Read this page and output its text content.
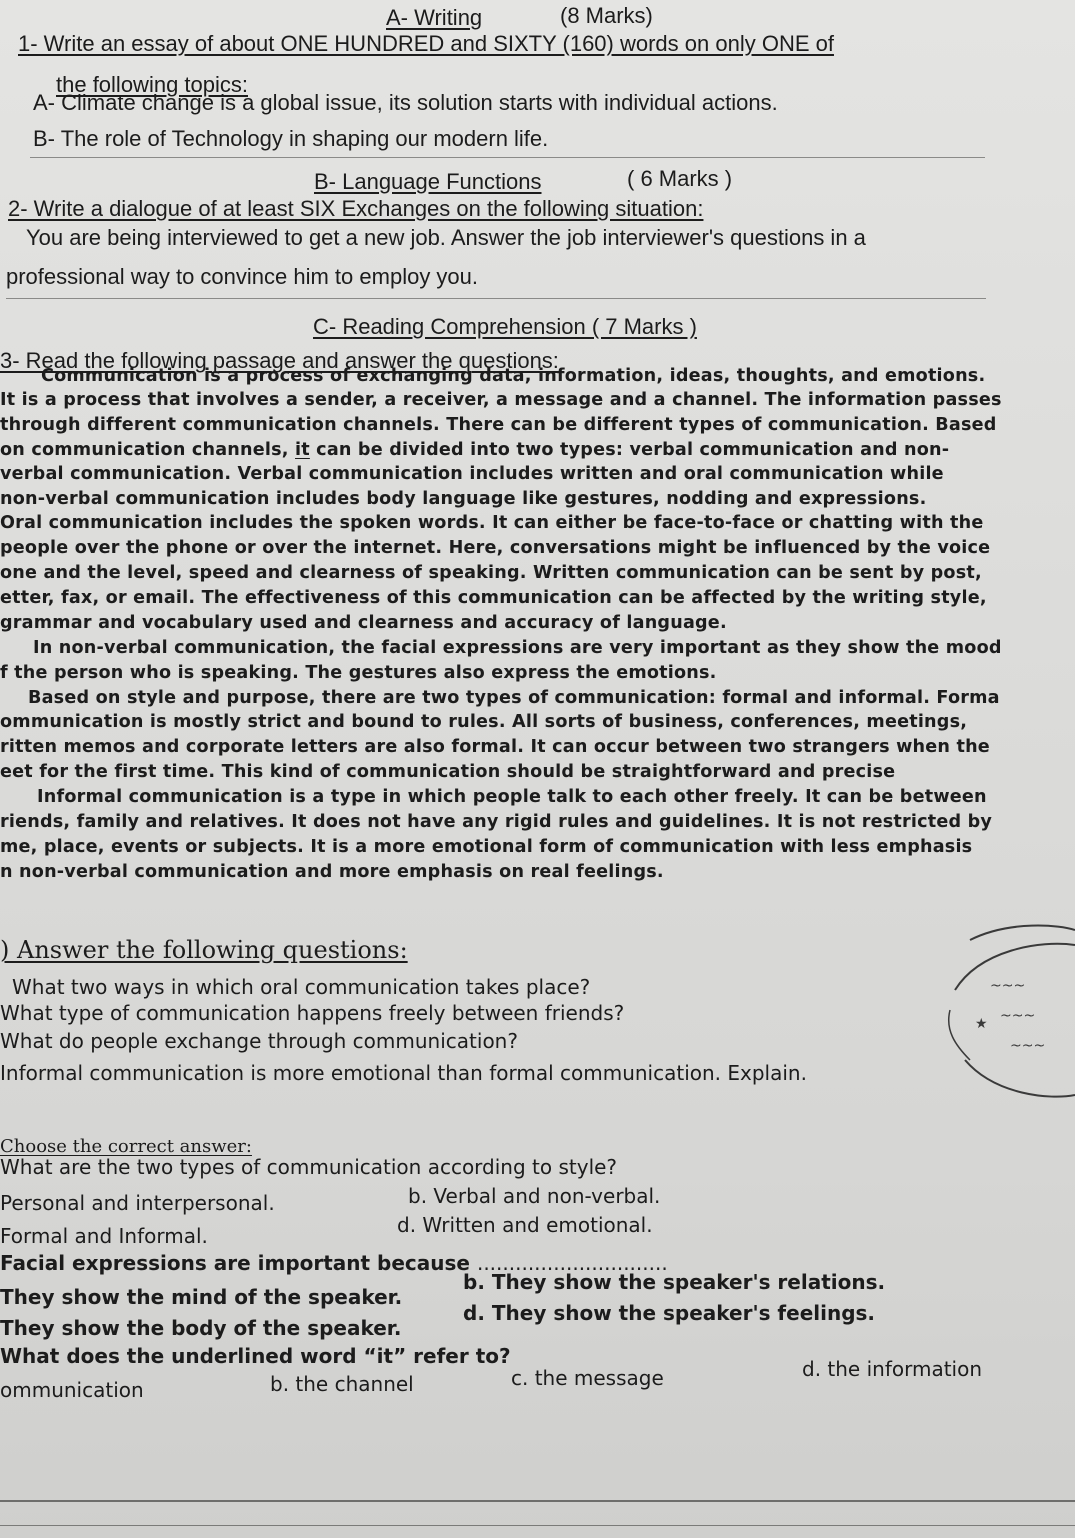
A- Writing	(8 Marks)
1- Write an essay of about ONE HUNDRED and SIXTY (160) words on only ONE of
the following topics:
A- Climate change is a global issue, its solution starts with individual actions.
B- The role of Technology in shaping our modern life.
B- Language Functions	( 6 Marks )
2- Write a dialogue of at least SIX Exchanges on the following situation:
You are being interviewed to get a new job. Answer the job interviewer's questions in a
professional way to convince him to employ you.
C- Reading Comprehension ( 7 Marks )
3- Read the following passage and answer the questions:
Communication is a process of exchanging data, information, ideas, thoughts, and emotions.
It is a process that involves a sender, a receiver, a message and a channel. The information passes
through different communication channels. There can be different types of communication. Based
on communication channels, it can be divided into two types: verbal communication and non-
verbal communication. Verbal communication includes written and oral communication while
non-verbal communication includes body language like gestures, nodding and expressions.
Oral communication includes the spoken words. It can either be face-to-face or chatting with the
people over the phone or over the internet. Here, conversations might be influenced by the voice
one and the level, speed and clearness of speaking. Written communication can be sent by post,
etter, fax, or email. The effectiveness of this communication can be affected by the writing style,
grammar and vocabulary used and clearness and accuracy of language.
In non-verbal communication, the facial expressions are very important as they show the mood
f the person who is speaking. The gestures also express the emotions.
Based on style and purpose, there are two types of communication: formal and informal. Forma
ommunication is mostly strict and bound to rules. All sorts of business, conferences, meetings,
ritten memos and corporate letters are also formal. It can occur between two strangers when the
eet for the first time. This kind of communication should be straightforward and precise
Informal communication is a type in which people talk to each other freely. It can be between
riends, family and relatives. It does not have any rigid rules and guidelines. It is not restricted by
me, place, events or subjects. It is a more emotional form of communication with less emphasis
n non-verbal communication and more emphasis on real feelings.
) Answer the following questions:
What two ways in which oral communication takes place?
What type of communication happens freely between friends?
What do people exchange through communication?
Informal communication is more emotional than formal communication. Explain.
~~~
~~~
~~~
★
Choose the correct answer:
What are the two types of communication according to style?
Personal and interpersonal.	b. Verbal and non-verbal.
Formal and Informal.	d. Written and emotional.
Facial expressions are important because ..............................
They show the mind of the speaker.
b. They show the speaker's relations.
They show the body of the speaker.
d. They show the speaker's feelings.
What does the underlined word “it” refer to?
ommunication	b. the channel	c. the message	d. the information
